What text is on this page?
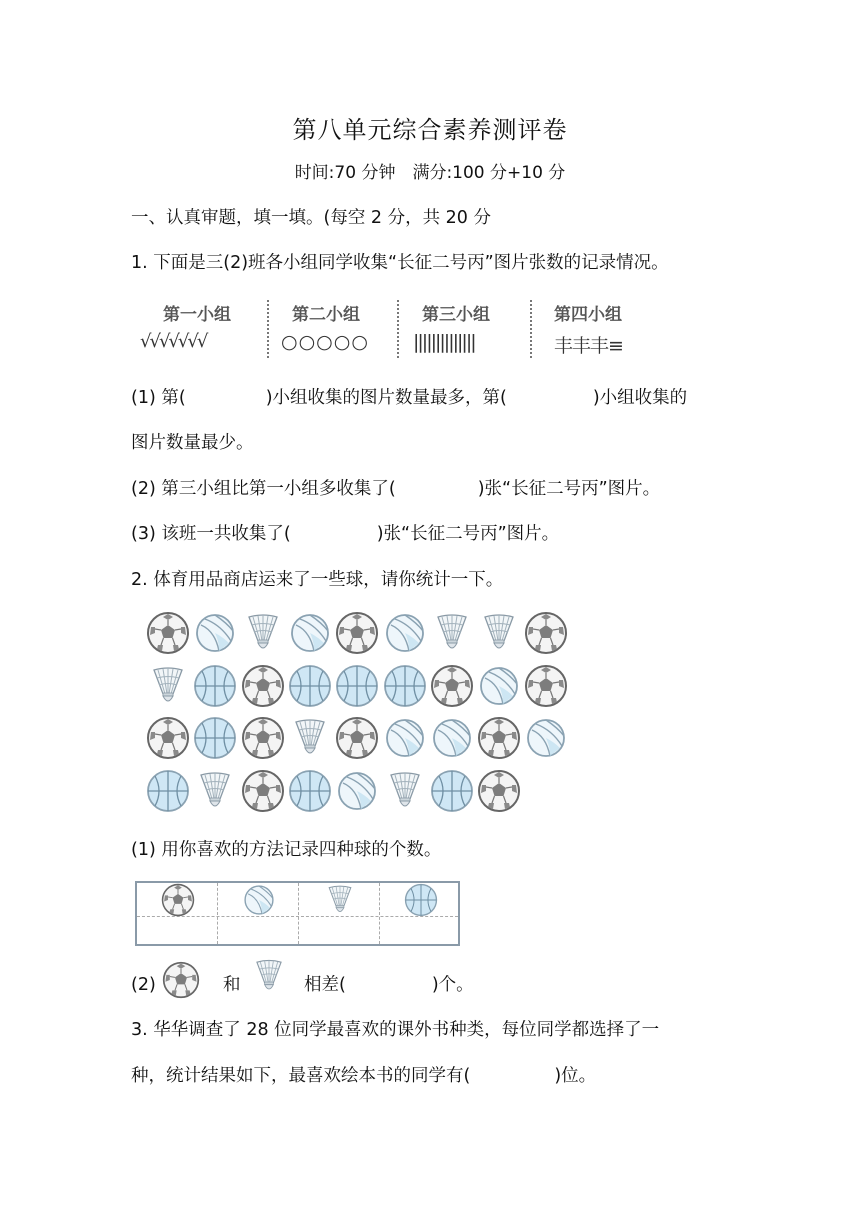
第八单元综合素养测评卷
时间:70 分钟　满分:100 分+10 分
一、认真审题，填一填。(每空 2 分，共 20 分
1. 下面是三(2)班各小组同学收集“长征二号丙”图片张数的记录情况。
第一小组	第二小组	第三小组	第四小组
√√√√√√√	○○○○○ ||||||||||||||	丰丰丰≡
(1) 第(	)小组收集的图片数量最多，第(	)小组收集的
图片数量最少。
(2) 第三小组比第一小组多收集了(	)张“长征二号丙”图片。
(3) 该班一共收集了(	)张“长征二号丙”图片。
2. 体育用品商店运来了一些球，请你统计一下。
(1) 用你喜欢的方法记录四种球的个数。
(2)	和	相差(	)个。
3. 华华调查了 28 位同学最喜欢的课外书种类，每位同学都选择了一
种，统计结果如下，最喜欢绘本书的同学有(	)位。
